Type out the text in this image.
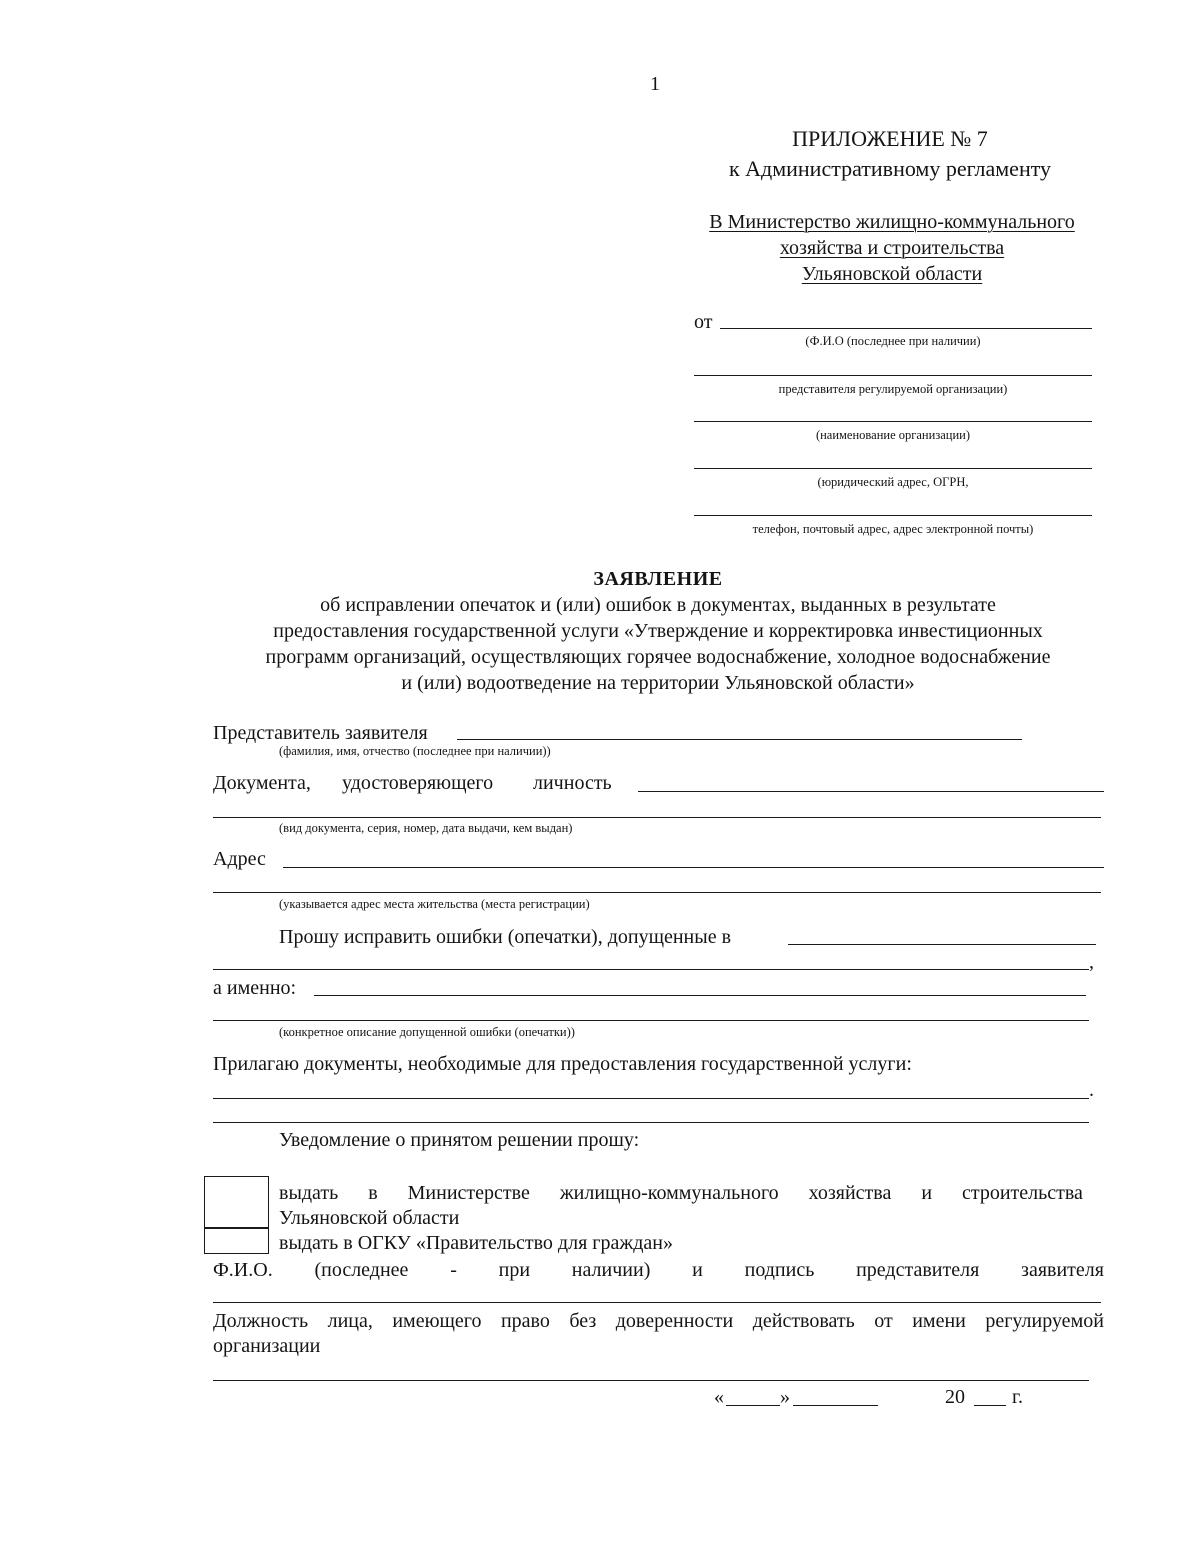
1
ПРИЛОЖЕНИЕ № 7
к Административному регламенту
В Министерство жилищно-коммунального
хозяйства и строительства
Ульяновской области
от
(Ф.И.О (последнее при наличии)
представителя регулируемой организации)
(наименование организации)
(юридический адрес, ОГРН,
телефон, почтовый адрес, адрес электронной почты)
ЗАЯВЛЕНИЕ
об исправлении опечаток и (или) ошибок в документах, выданных в результате
предоставления государственной услуги «Утверждение и корректировка инвестиционных
программ организаций, осуществляющих горячее водоснабжение, холодное водоснабжение
и (или) водоотведение на территории Ульяновской области»
Представитель заявителя
(фамилия, имя, отчество (последнее при наличии))
Документа, удостоверяющего личность
(вид документа, серия, номер, дата выдачи, кем выдан)
Адрес
(указывается адрес места жительства (места регистрации)
Прошу исправить ошибки (опечатки), допущенные в
,
а именно:
(конкретное описание допущенной ошибки (опечатки))
Прилагаю документы, необходимые для предоставления государственной услуги:
.
Уведомление о принятом решении прошу:
выдать в Министерстве жилищно-коммунального хозяйства и строительства
Ульяновской области
выдать в ОГКУ «Правительство для граждан»
Ф.И.О. (последнее - при наличии) и подпись представителя заявителя
Должность лица, имеющего право без доверенности действовать от имени регулируемой
организации
«	»	20 г.
